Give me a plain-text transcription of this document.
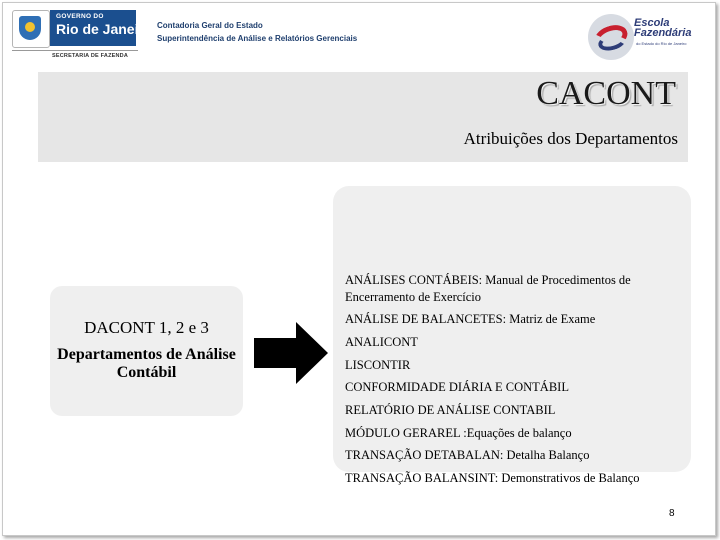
GOVERNO DO
Rio de Janeiro
SECRETARIA DE FAZENDA
Contadoria Geral do Estado
Superintendência de Análise e Relatórios Gerenciais
Escola
Fazendária
do Estado do Rio de Janeiro
CACONT
Atribuições dos Departamentos
DACONT 1, 2 e 3
Departamentos de Análise Contábil
ANÁLISES CONTÁBEIS: Manual de Procedimentos de Encerramento de Exercício
ANÁLISE DE BALANCETES: Matriz de Exame
ANALICONT
LISCONTIR
CONFORMIDADE DIÁRIA E CONTÁBIL
RELATÓRIO DE ANÁLISE CONTABIL
MÓDULO GERAREL :Equações de balanço
TRANSAÇÃO DETABALAN: Detalha Balanço
TRANSAÇÃO BALANSINT: Demonstrativos de Balanço
8
